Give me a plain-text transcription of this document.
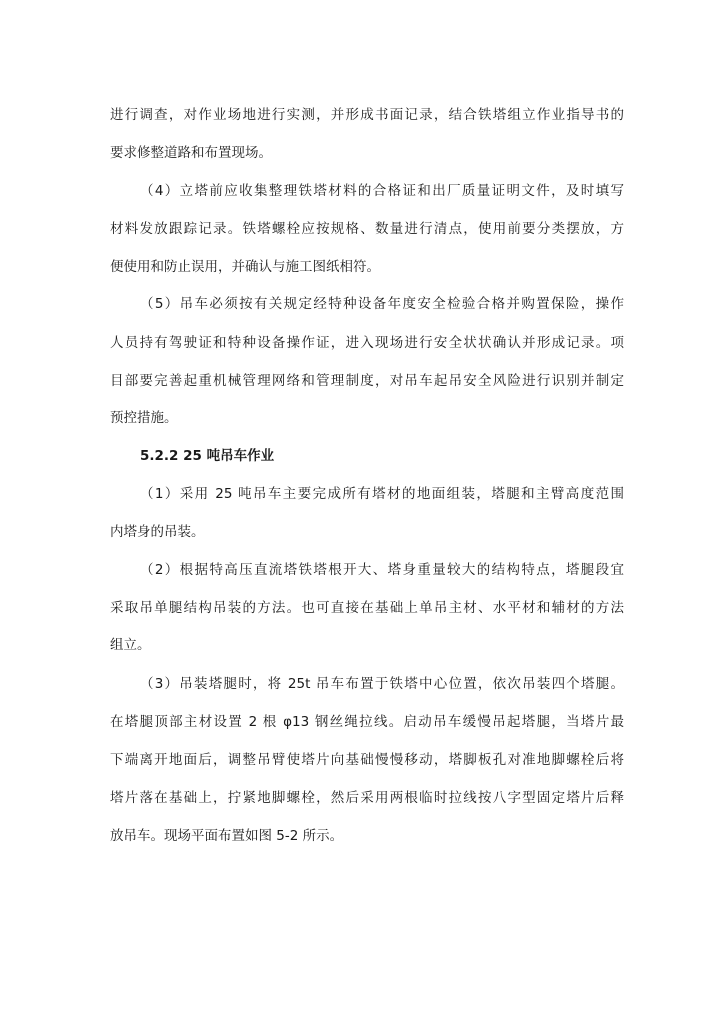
进行调查，对作业场地进行实测，并形成书面记录，结合铁塔组立作业指导书的
要求修整道路和布置现场。
（4）立塔前应收集整理铁塔材料的合格证和出厂质量证明文件，及时填写
材料发放跟踪记录。铁塔螺栓应按规格、数量进行清点，使用前要分类摆放，方
便使用和防止误用，并确认与施工图纸相符。
（5）吊车必须按有关规定经特种设备年度安全检验合格并购置保险，操作
人员持有驾驶证和特种设备操作证，进入现场进行安全状状确认并形成记录。项
目部要完善起重机械管理网络和管理制度，对吊车起吊安全风险进行识别并制定
预控措施。
5.2.2 25 吨吊车作业
（1）采用 25 吨吊车主要完成所有塔材的地面组装，塔腿和主臂高度范围
内塔身的吊装。
（2）根据特高压直流塔铁塔根开大、塔身重量较大的结构特点，塔腿段宜
采取吊单腿结构吊装的方法。也可直接在基础上单吊主材、水平材和辅材的方法
组立。
（3）吊装塔腿时，将 25t 吊车布置于铁塔中心位置，依次吊装四个塔腿。
在塔腿顶部主材设置 2 根 φ13 钢丝绳拉线。启动吊车缓慢吊起塔腿，当塔片最
下端离开地面后，调整吊臂使塔片向基础慢慢移动，塔脚板孔对准地脚螺栓后将
塔片落在基础上，拧紧地脚螺栓，然后采用两根临时拉线按八字型固定塔片后释
放吊车。现场平面布置如图 5-2 所示。
